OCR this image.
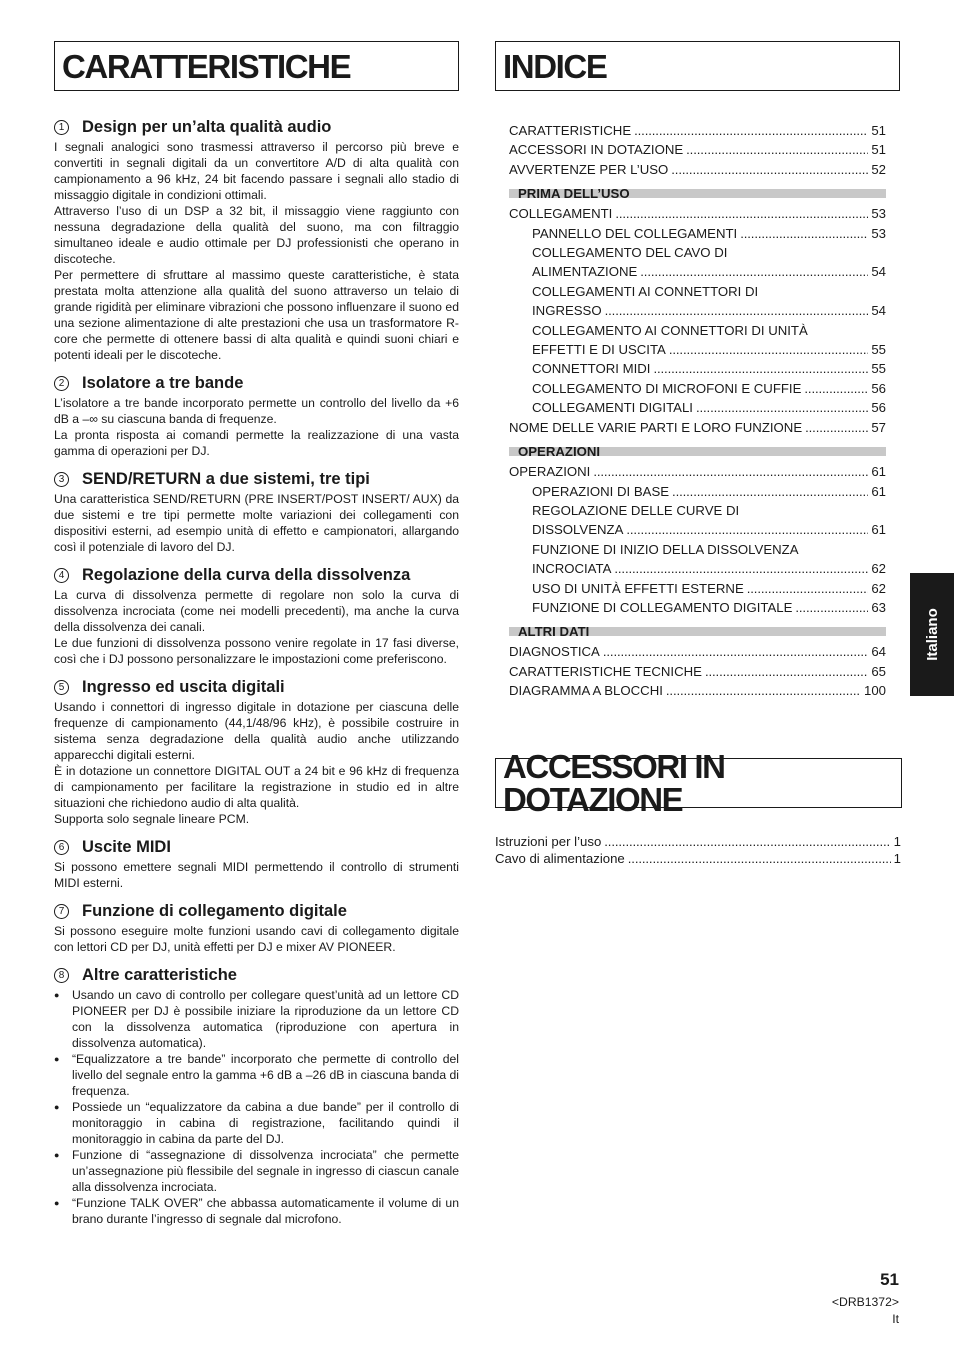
CARATTERISTICHE	INDICE
ACCESSORI IN DOTAZIONE
1 Design per un’alta qualità audio

I segnali analogici sono trasmessi attraverso il percorso più breve e convertiti in segnali digitali da un convertitore A/D di alta qualità con campionamento a 96 kHz, 24 bit facendo passare i segnali allo stadio di missaggio digitale in condizioni ottimali.

Attraverso l’uso di un DSP a 32 bit, il missaggio viene raggiunto con nessuna degradazione della qualità del suono, ma con filtraggio simultaneo ideale e audio ottimale per DJ professionisti che operano in discoteche.

Per permettere di sfruttare al massimo queste caratteristiche, è stata prestata molta attenzione alla qualità del suono attraverso un telaio di grande rigidità per eliminare vibrazioni che possono influenzare il suono ed una sezione alimentazione di alte prestazioni che usa un trasformatore R-core che permette di ottenere bassi di alta qualità e quindi suoni chiari e potenti ideali per le discoteche.

2 Isolatore a tre bande

L’isolatore a tre bande incorporato permette un controllo del livello da +6 dB a –∞ su ciascuna banda di frequenze.

La pronta risposta ai comandi permette la realizzazione di una vasta gamma di operazioni per DJ.

3 SEND/RETURN a due sistemi, tre tipi

Una caratteristica SEND/RETURN (PRE INSERT/POST INSERT/ AUX) da due sistemi e tre tipi permette molte variazioni dei collegamenti con dispositivi esterni, ad esempio unità di effetto e campionatori, allargando così il potenziale di lavoro del DJ.

4 Regolazione della curva della dissolvenza

La curva di dissolvenza permette di regolare non solo la curva di dissolvenza incrociata (come nei modelli precedenti), ma anche la curva della dissolvenza dei canali.

Le due funzioni di dissolvenza possono venire regolate in 17 fasi diverse, così che i DJ possono personalizzare le impostazioni come preferiscono.

5 Ingresso ed uscita digitali

Usando i connettori di ingresso digitale in dotazione per ciascuna delle frequenze di campionamento (44,1/48/96 kHz), è possibile costruire in sistema senza degradazione della qualità audio anche utilizzando apparecchi digitali esterni.

È in dotazione un connettore DIGITAL OUT a 24 bit e 96 kHz di frequenza di campionamento per facilitare la registrazione in studio ed in altre situazioni che richiedono audio di alta qualità.

Supporta solo segnale lineare PCM.

6 Uscite MIDI

Si possono emettere segnali MIDI permettendo il controllo di strumenti MIDI esterni.

7 Funzione di collegamento digitale

Si possono eseguire molte funzioni usando cavi di collegamento digitale con lettori CD per DJ, unità effetti per DJ e mixer AV PIONEER.

8 Altre caratteristiche
● Usando un cavo di controllo per collegare quest’unità ad un lettore CD PIONEER per DJ è possibile iniziare la riproduzione da un lettore CD con la dissolvenza automatica (riproduzione con apertura in dissolvenza automatica).
● “Equalizzatore a tre bande” incorporato che permette di controllo del livello del segnale entro la gamma +6 dB a –26 dB in ciascuna banda di frequenza.
● Possiede un “equalizzatore da cabina a due bande” per il controllo di monitoraggio in cabina di registrazione, facilitando quindi il monitoraggio in cabina da parte del DJ.
● Funzione di “assegnazione di dissolvenza incrociata” che permette un’assegnazione più flessibile del segnale in ingresso di ciascun canale alla dissolvenza incrociata.
● “Funzione TALK OVER” che abbassa automaticamente il volume di un brano durante l’ingresso di segnale dal microfono.
CARATTERISTICHE . . .	51
ACCESSORI IN DOTAZIONE . . .	51
AVVERTENZE PER L’USO . . .	52
PRIMA DELL’USO
COLLEGAMENTI . . .	53
PANNELLO DEL COLLEGAMENTI . . .	53
COLLEGAMENTO DEL CAVO DI
ALIMENTAZIONE . . .	54
COLLEGAMENTI AI CONNETTORI DI
INGRESSO . . .	54
COLLEGAMENTO AI CONNETTORI DI UNITÀ
EFFETTI E DI USCITA . . .	55
CONNETTORI MIDI . . .	55
COLLEGAMENTO DI MICROFONI E CUFFIE . . .	56
COLLEGAMENTI DIGITALI . . .	56
NOME DELLE VARIE PARTI E LORO FUNZIONE . . .	57
OPERAZIONI
OPERAZIONI . . .	61
OPERAZIONI DI BASE . . .	61
REGOLAZIONE DELLE CURVE DI
DISSOLVENZA . . .	61
FUNZIONE DI INIZIO DELLA DISSOLVENZA
INCROCIATA . . .	62
USO DI UNITÀ EFFETTI ESTERNE . . .	62
FUNZIONE DI COLLEGAMENTO DIGITALE . . .	63
ALTRI DATI
DIAGNOSTICA . . .	64
CARATTERISTICHE TECNICHE . . .	65
DIAGRAMMA A BLOCCHI . . .	100
Istruzioni per l’uso . . .	1
Cavo di alimentazione . . .	1
Italiano
51
<DRB1372>
It
